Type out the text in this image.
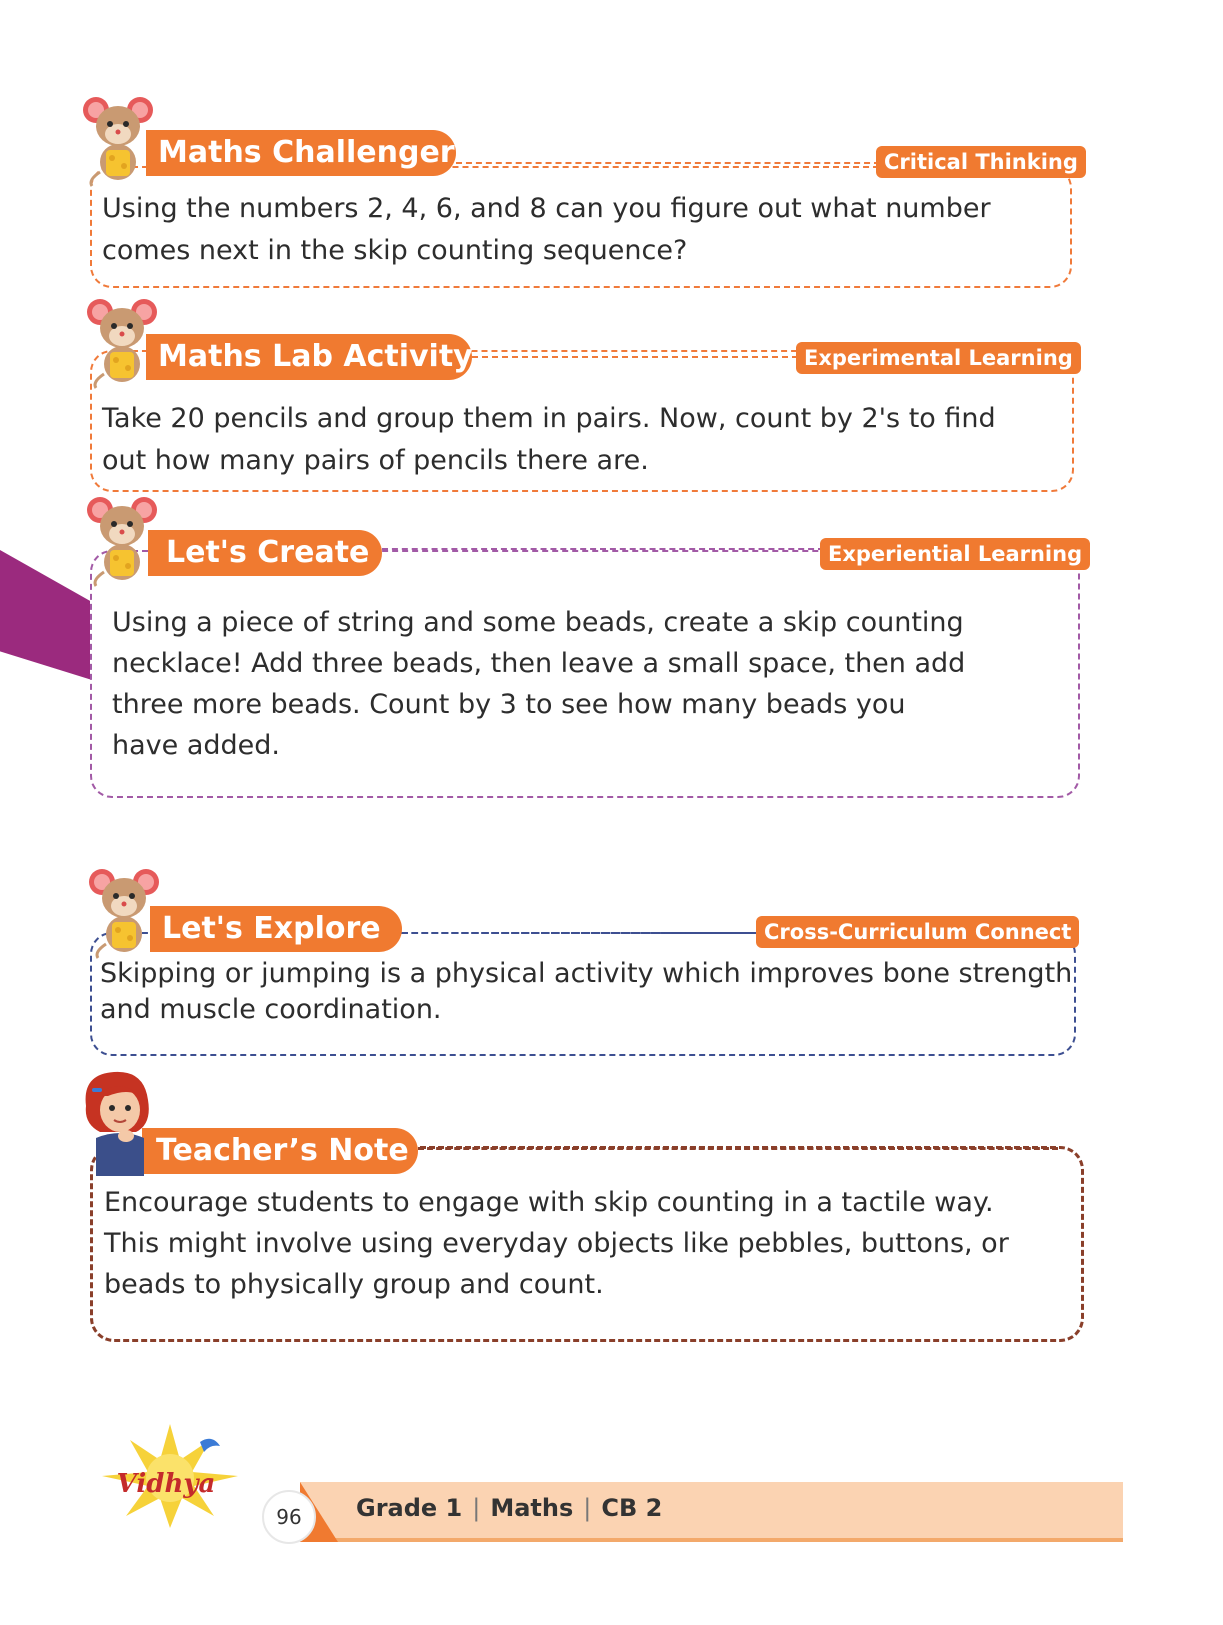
Maths Challenger	Critical Thinking
Using the numbers 2, 4, 6, and 8 can you figure out what number
comes next in the skip counting sequence?
Maths Lab Activity	Experimental Learning
Take 20 pencils and group them in pairs. Now, count by 2's to find
out how many pairs of pencils there are.
Let's Create	Experiential Learning
Using a piece of string and some beads, create a skip counting
necklace! Add three beads, then leave a small space, then add
three more beads. Count by 3 to see how many beads you
have added.
Let's Explore	Cross-Curriculum Connect
Skipping or jumping is a physical activity which improves bone strength
and muscle coordination.
Teacher’s Note
Encourage students to engage with skip counting in a tactile way.
This might involve using everyday objects like pebbles, buttons, or
beads to physically group and count.
Vidhya
96	Grade 1 | Maths | CB 2
